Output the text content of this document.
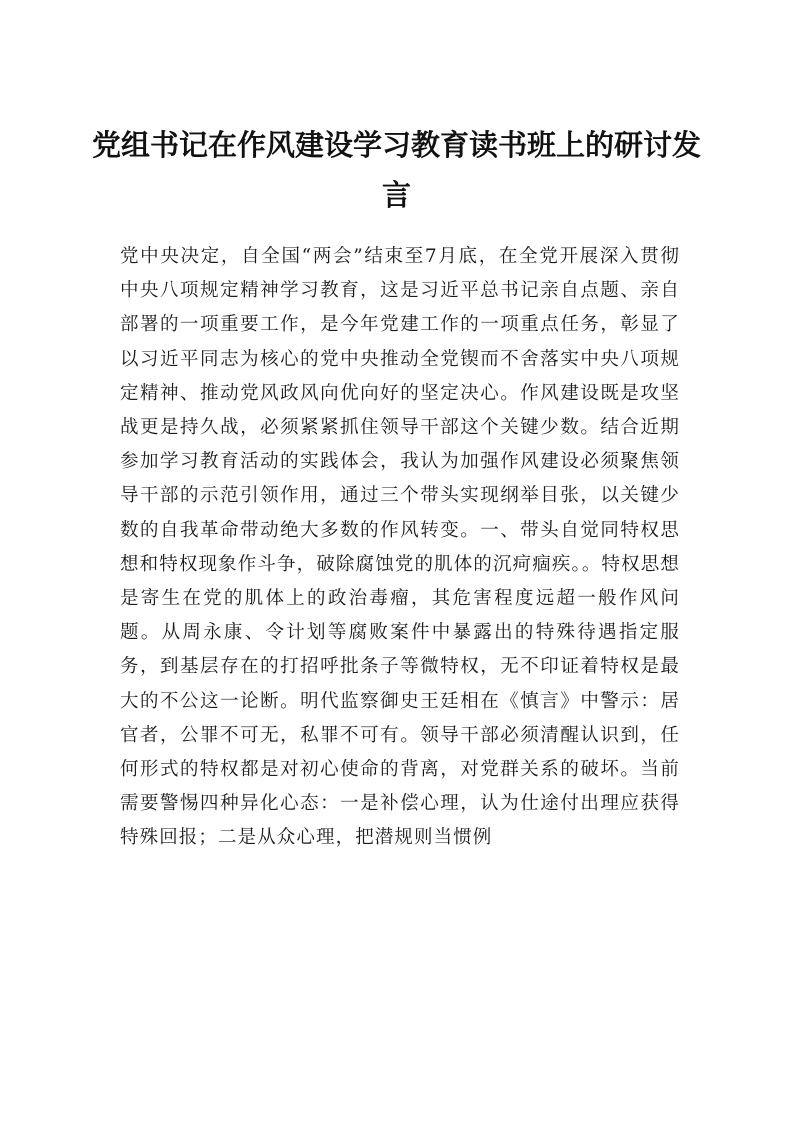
党组书记在作风建设学习教育读书班上的研讨发言

党中央决定，自全国“两会”结束至7月底，在全党开展深入贯彻中央八项规定精神学习教育，这是习近平总书记亲自点题、亲自部署的一项重要工作，是今年党建工作的一项重点任务，彰显了以习近平同志为核心的党中央推动全党锲而不舍落实中央八项规定精神、推动党风政风向优向好的坚定决心。作风建设既是攻坚战更是持久战，必须紧紧抓住领导干部这个关键少数。结合近期参加学习教育活动的实践体会，我认为加强作风建设必须聚焦领导干部的示范引领作用，通过三个带头实现纲举目张，以关键少数的自我革命带动绝大多数的作风转变。一、带头自觉同特权思想和特权现象作斗争，破除腐蚀党的肌体的沉疴痼疾。。特权思想是寄生在党的肌体上的政治毒瘤，其危害程度远超一般作风问题。从周永康、令计划等腐败案件中暴露出的特殊待遇指定服务，到基层存在的打招呼批条子等微特权，无不印证着特权是最大的不公这一论断。明代监察御史王廷相在《慎言》中警示：居官者，公罪不可无，私罪不可有。领导干部必须清醒认识到，任何形式的特权都是对初心使命的背离，对党群关系的破坏。当前需要警惕四种异化心态：一是补偿心理，认为仕途付出理应获得特殊回报；二是从众心理，把潜规则当惯例
